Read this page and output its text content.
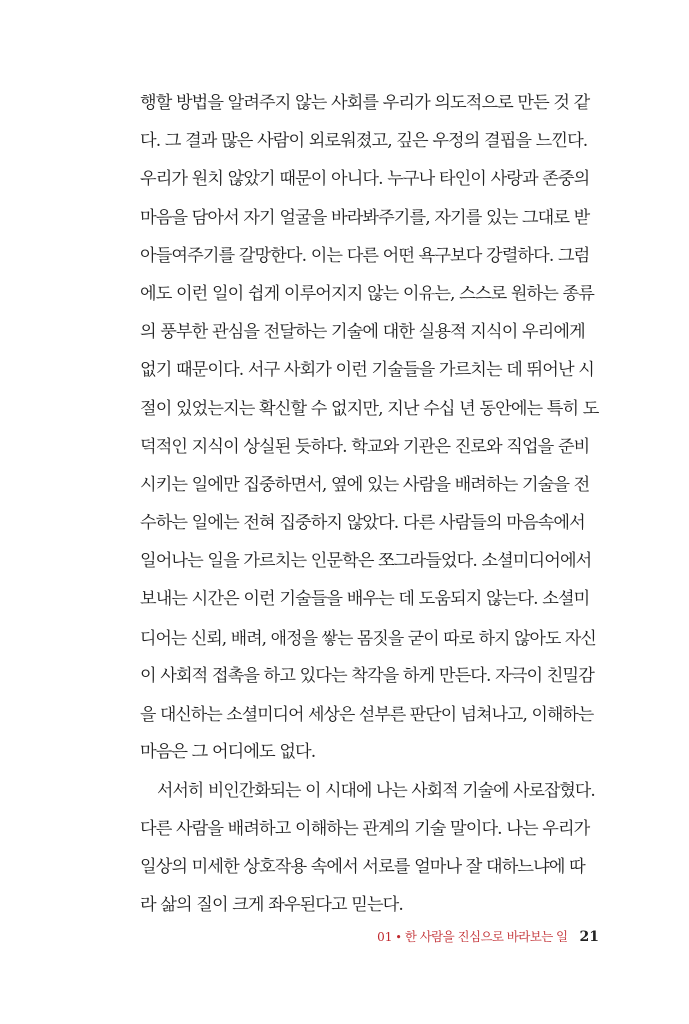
행할 방법을 알려주지 않는 사회를 우리가 의도적으로 만든 것 같
다. 그 결과 많은 사람이 외로워졌고, 깊은 우정의 결핍을 느낀다.
우리가 원치 않았기 때문이 아니다. 누구나 타인이 사랑과 존중의
마음을 담아서 자기 얼굴을 바라봐주기를, 자기를 있는 그대로 받
아들여주기를 갈망한다. 이는 다른 어떤 욕구보다 강렬하다. 그럼
에도 이런 일이 쉽게 이루어지지 않는 이유는, 스스로 원하는 종류
의 풍부한 관심을 전달하는 기술에 대한 실용적 지식이 우리에게
없기 때문이다. 서구 사회가 이런 기술들을 가르치는 데 뛰어난 시
절이 있었는지는 확신할 수 없지만, 지난 수십 년 동안에는 특히 도
덕적인 지식이 상실된 듯하다. 학교와 기관은 진로와 직업을 준비
시키는 일에만 집중하면서, 옆에 있는 사람을 배려하는 기술을 전
수하는 일에는 전혀 집중하지 않았다. 다른 사람들의 마음속에서
일어나는 일을 가르치는 인문학은 쪼그라들었다. 소셜미디어에서
보내는 시간은 이런 기술들을 배우는 데 도움되지 않는다. 소셜미
디어는 신뢰, 배려, 애정을 쌓는 몸짓을 굳이 따로 하지 않아도 자신
이 사회적 접촉을 하고 있다는 착각을 하게 만든다. 자극이 친밀감
을 대신하는 소셜미디어 세상은 섣부른 판단이 넘쳐나고, 이해하는
마음은 그 어디에도 없다.
서서히 비인간화되는 이 시대에 나는 사회적 기술에 사로잡혔다.
다른 사람을 배려하고 이해하는 관계의 기술 말이다. 나는 우리가
일상의 미세한 상호작용 속에서 서로를 얼마나 잘 대하느냐에 따
라 삶의 질이 크게 좌우된다고 믿는다.
01 • 한 사람을 진심으로 바라보는 일 21
